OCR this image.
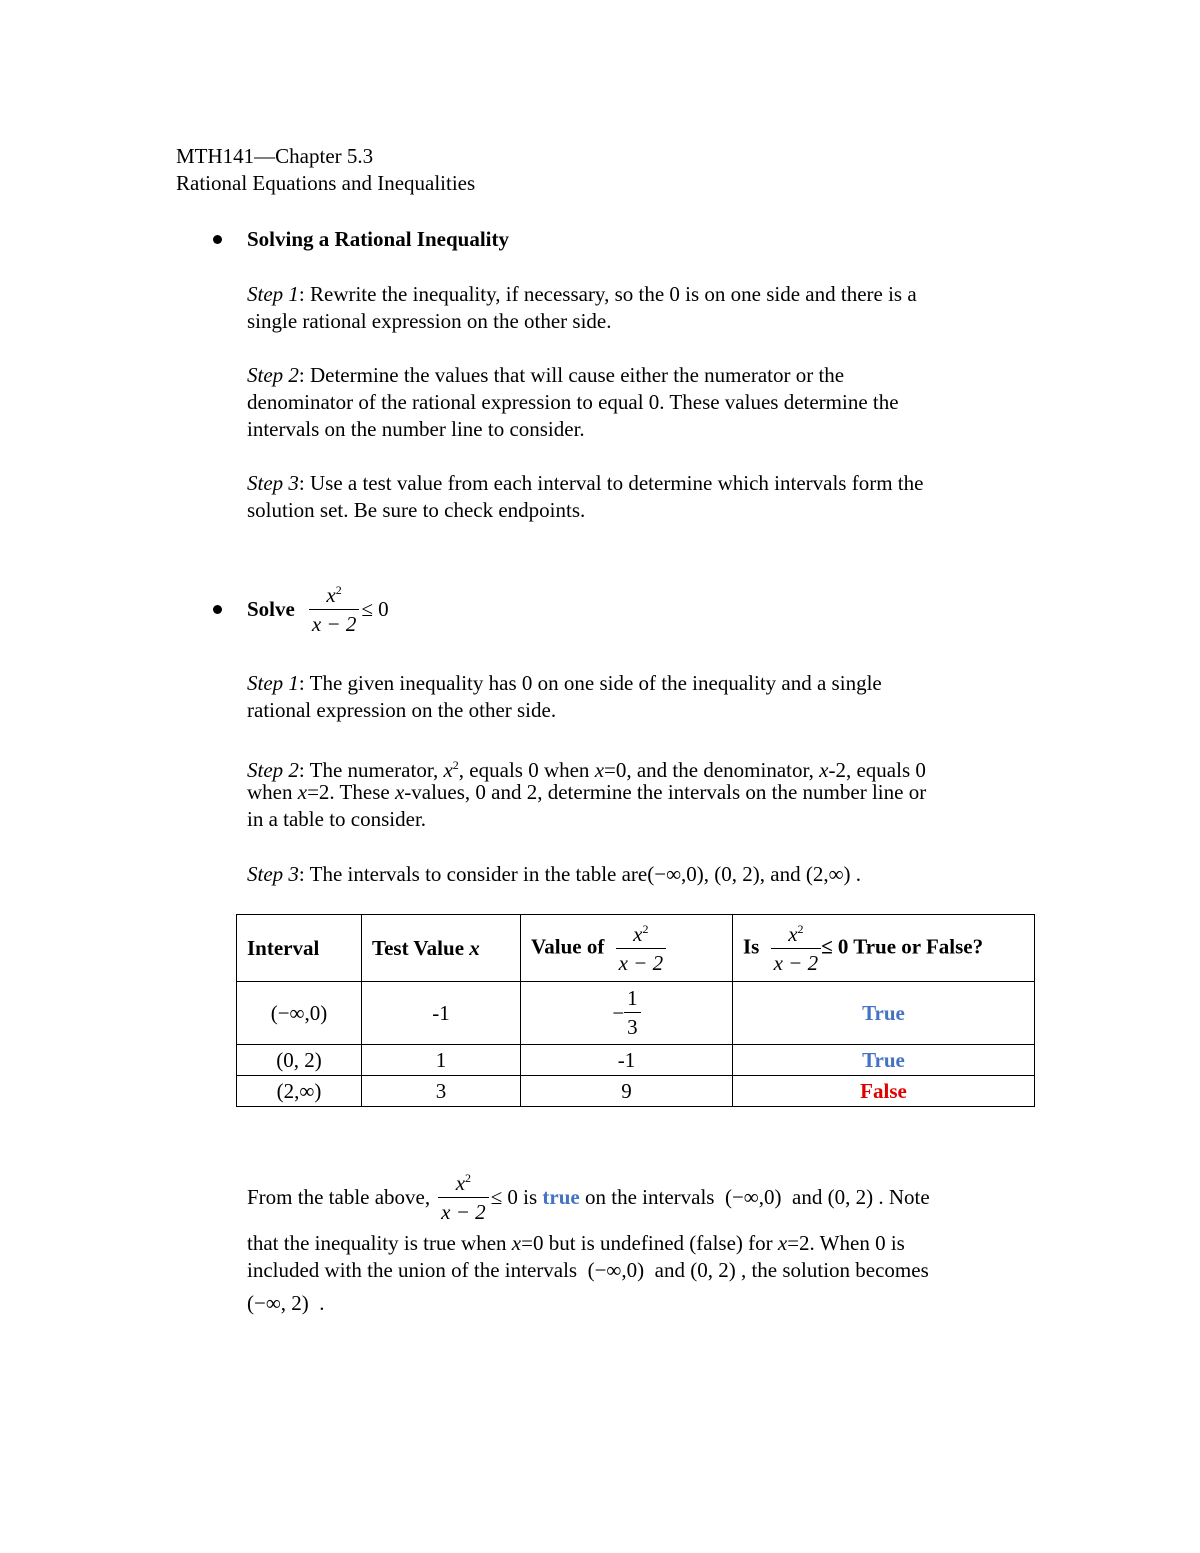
MTH141—Chapter 5.3
Rational Equations and Inequalities
Solving a Rational Inequality
Step 1: Rewrite the inequality, if necessary, so the 0 is on one side and there is a
single rational expression on the other side.
Step 2: Determine the values that will cause either the numerator or the
denominator of the rational expression to equal 0. These values determine the
intervals on the number line to consider.
Step 3: Use a test value from each interval to determine which intervals form the
solution set. Be sure to check endpoints.
Solve $\frac{x^2}{x - 2} \le 0$
Step 1: The given inequality has 0 on one side of the inequality and a single
rational expression on the other side.
Step 2: The numerator, $x^2$, equals 0 when x=0, and the denominator, x-2, equals 0
when x=2. These x-values, 0 and 2, determine the intervals on the number line or
in a table to consider.
Step 3: The intervals to consider in the table are(−∞,0), (0, 2), and (2,∞) .
Interval	Test Value x	Value of $\frac{x^2}{x - 2}$	Is $\frac{x^2}{x - 2} \le 0$ True or False?
(−∞,0)	-1	− $\frac{1}{3}$	True
(0, 2)	1	-1	True
(2,∞)	3	9	False
From the table above, $\frac{x^2}{x - 2} \le 0$ is true on the intervals  (−∞,0)  and (0, 2) . Note
that the inequality is true when x=0 but is undefined (false) for x=2. When 0 is
included with the union of the intervals  (−∞,0)  and (0, 2) , the solution becomes
(−∞, 2)  .
